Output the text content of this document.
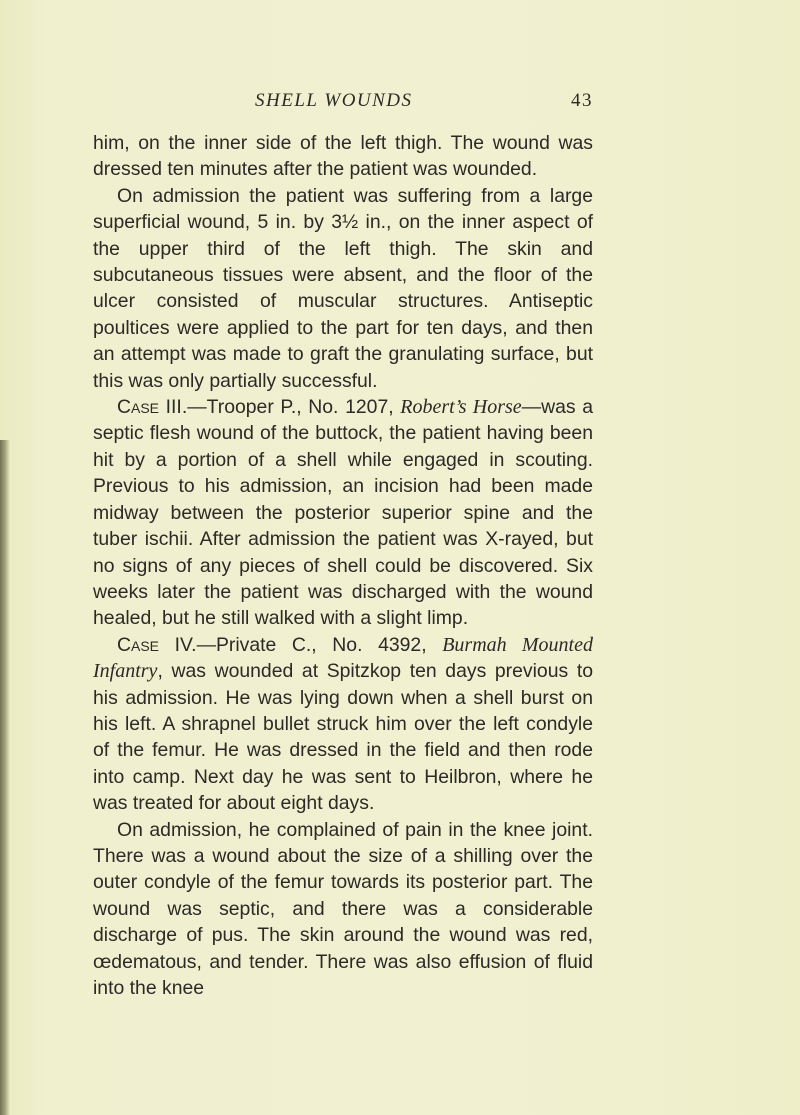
SHELL WOUNDS	43

him, on the inner side of the left thigh. The wound was dressed ten minutes after the patient was wounded.

On admission the patient was suffering from a large superficial wound, 5 in. by 3½ in., on the inner aspect of the upper third of the left thigh. The skin and subcutaneous tissues were absent, and the floor of the ulcer consisted of muscular structures. Antiseptic poultices were applied to the part for ten days, and then an attempt was made to graft the granulating surface, but this was only partially successful.

Case III.—Trooper P., No. 1207, Robert’s Horse—was a septic flesh wound of the buttock, the patient having been hit by a portion of a shell while engaged in scouting. Previous to his admission, an incision had been made midway between the posterior superior spine and the tuber ischii. After admission the patient was X-rayed, but no signs of any pieces of shell could be discovered. Six weeks later the patient was discharged with the wound healed, but he still walked with a slight limp.

Case IV.—Private C., No. 4392, Burmah Mounted Infantry, was wounded at Spitzkop ten days previous to his admission. He was lying down when a shell burst on his left. A shrapnel bullet struck him over the left condyle of the femur. He was dressed in the field and then rode into camp. Next day he was sent to Heilbron, where he was treated for about eight days.

On admission, he complained of pain in the knee joint. There was a wound about the size of a shilling over the outer condyle of the femur towards its posterior part. The wound was septic, and there was a considerable discharge of pus. The skin around the wound was red, œdematous, and tender. There was also effusion of fluid into the knee
